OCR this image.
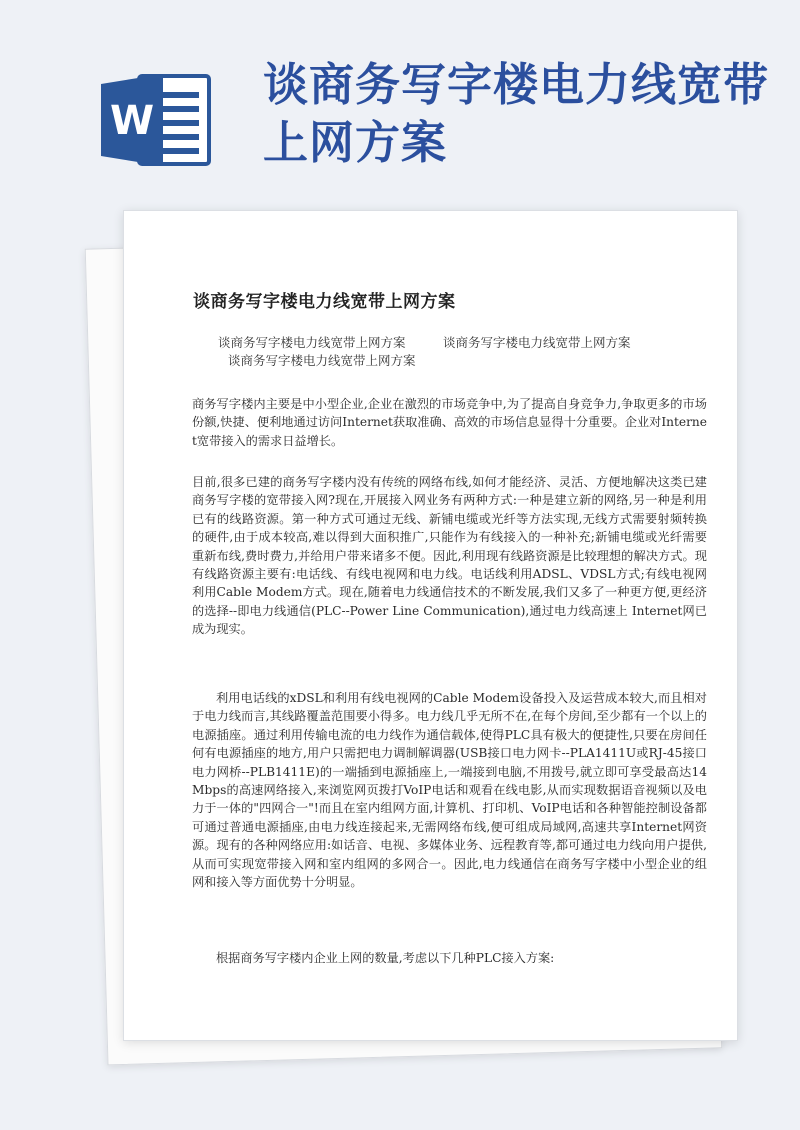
W
谈商务写字楼电力线宽带上网方案
谈商务写字楼电力线宽带上网方案
谈商务写字楼电力线宽带上网方案	谈商务写字楼电力线宽带上网方案
谈商务写字楼电力线宽带上网方案
商务写字楼内主要是中小型企业,企业在激烈的市场竞争中,为了提高自身竞争力,争取更多的市场份额,快捷、便利地通过访问Internet获取准确、高效的市场信息显得十分重要。企业对Internet宽带接入的需求日益增长。
目前,很多已建的商务写字楼内没有传统的网络布线,如何才能经济、灵活、方便地解决这类已建商务写字楼的宽带接入网?现在,开展接入网业务有两种方式:一种是建立新的网络,另一种是利用已有的线路资源。第一种方式可通过无线、新铺电缆或光纤等方法实现,无线方式需要射频转换的硬件,由于成本较高,难以得到大面积推广,只能作为有线接入的一种补充;新铺电缆或光纤需要重新布线,费时费力,并给用户带来诸多不便。因此,利用现有线路资源是比较理想的解决方式。现有线路资源主要有:电话线、有线电视网和电力线。电话线利用ADSL、VDSL方式;有线电视网利用Cable Modem方式。现在,随着电力线通信技术的不断发展,我们又多了一种更方便,更经济的选择--即电力线通信(PLC--Power Line Communication),通过电力线高速上 Internet网已成为现实。
利用电话线的xDSL和利用有线电视网的Cable Modem设备投入及运营成本较大,而且相对于电力线而言,其线路覆盖范围要小得多。电力线几乎无所不在,在每个房间,至少都有一个以上的电源插座。通过利用传输电流的电力线作为通信载体,使得PLC具有极大的便捷性,只要在房间任何有电源插座的地方,用户只需把电力调制解调器(USB接口电力网卡--PLA1411U或RJ-45接口电力网桥--PLB1411E)的一端插到电源插座上,一端接到电脑,不用拨号,就立即可享受最高达14Mbps的高速网络接入,来浏览网页拨打VoIP电话和观看在线电影,从而实现数据语音视频以及电力于一体的"四网合一"!而且在室内组网方面,计算机、打印机、VoIP电话和各种智能控制设备都可通过普通电源插座,由电力线连接起来,无需网络布线,便可组成局域网,高速共享Internet网资源。现有的各种网络应用:如话音、电视、多媒体业务、远程教育等,都可通过电力线向用户提供,从而可实现宽带接入网和室内组网的多网合一。因此,电力线通信在商务写字楼中小型企业的组网和接入等方面优势十分明显。
根据商务写字楼内企业上网的数量,考虑以下几种PLC接入方案:
